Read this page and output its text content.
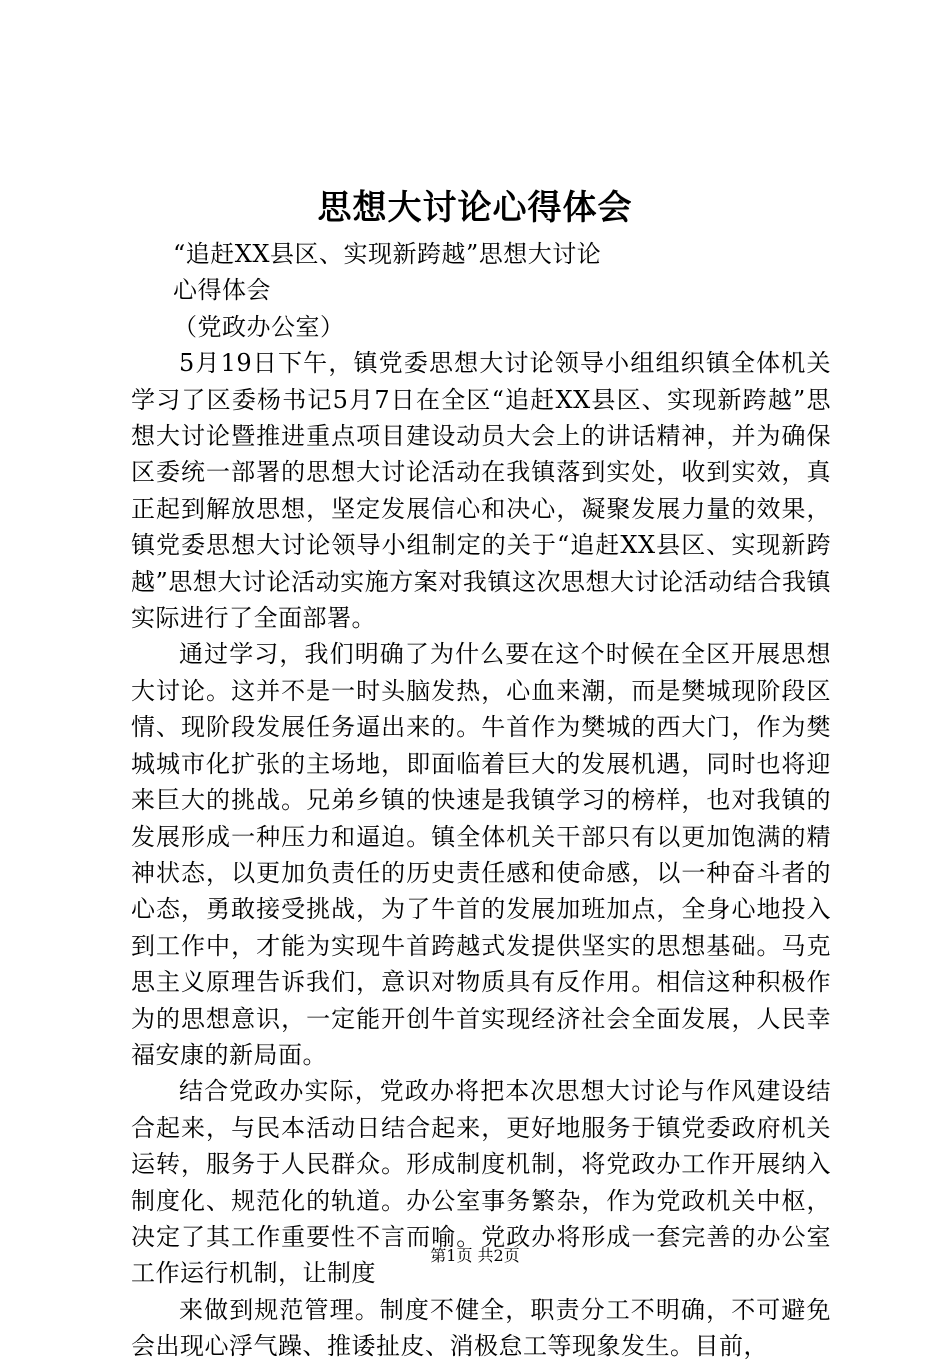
思想大讨论心得体会

“追赶XX县区、实现新跨越”思想大讨论

心得体会

（党政办公室）

5月19日下午，镇党委思想大讨论领导小组组织镇全体机关学习了区委杨书记5月7日在全区“追赶XX县区、实现新跨越”思想大讨论暨推进重点项目建设动员大会上的讲话精神，并为确保区委统一部署的思想大讨论活动在我镇落到实处，收到实效，真正起到解放思想，坚定发展信心和决心，凝聚发展力量的效果，镇党委思想大讨论领导小组制定的关于“追赶XX县区、实现新跨越”思想大讨论活动实施方案对我镇这次思想大讨论活动结合我镇实际进行了全面部署。

通过学习，我们明确了为什么要在这个时候在全区开展思想大讨论。这并不是一时头脑发热，心血来潮，而是樊城现阶段区情、现阶段发展任务逼出来的。牛首作为樊城的西大门，作为樊城城市化扩张的主场地，即面临着巨大的发展机遇，同时也将迎来巨大的挑战。兄弟乡镇的快速是我镇学习的榜样，也对我镇的发展形成一种压力和逼迫。镇全体机关干部只有以更加饱满的精神状态，以更加负责任的历史责任感和使命感，以一种奋斗者的心态，勇敢接受挑战，为了牛首的发展加班加点，全身心地投入到工作中，才能为实现牛首跨越式发提供坚实的思想基础。马克思主义原理告诉我们，意识对物质具有反作用。相信这种积极作为的思想意识，一定能开创牛首实现经济社会全面发展，人民幸福安康的新局面。

结合党政办实际，党政办将把本次思想大讨论与作风建设结合起来，与民本活动日结合起来，更好地服务于镇党委政府机关运转，服务于人民群众。形成制度机制，将党政办工作开展纳入制度化、规范化的轨道。办公室事务繁杂，作为党政机关中枢，决定了其工作重要性不言而喻。党政办将形成一套完善的办公室工作运行机制，让制度

来做到规范管理。制度不健全，职责分工不明确，不可避免会出现心浮气躁、推诿扯皮、消极怠工等现象发生。目前，

第1页 共2页
